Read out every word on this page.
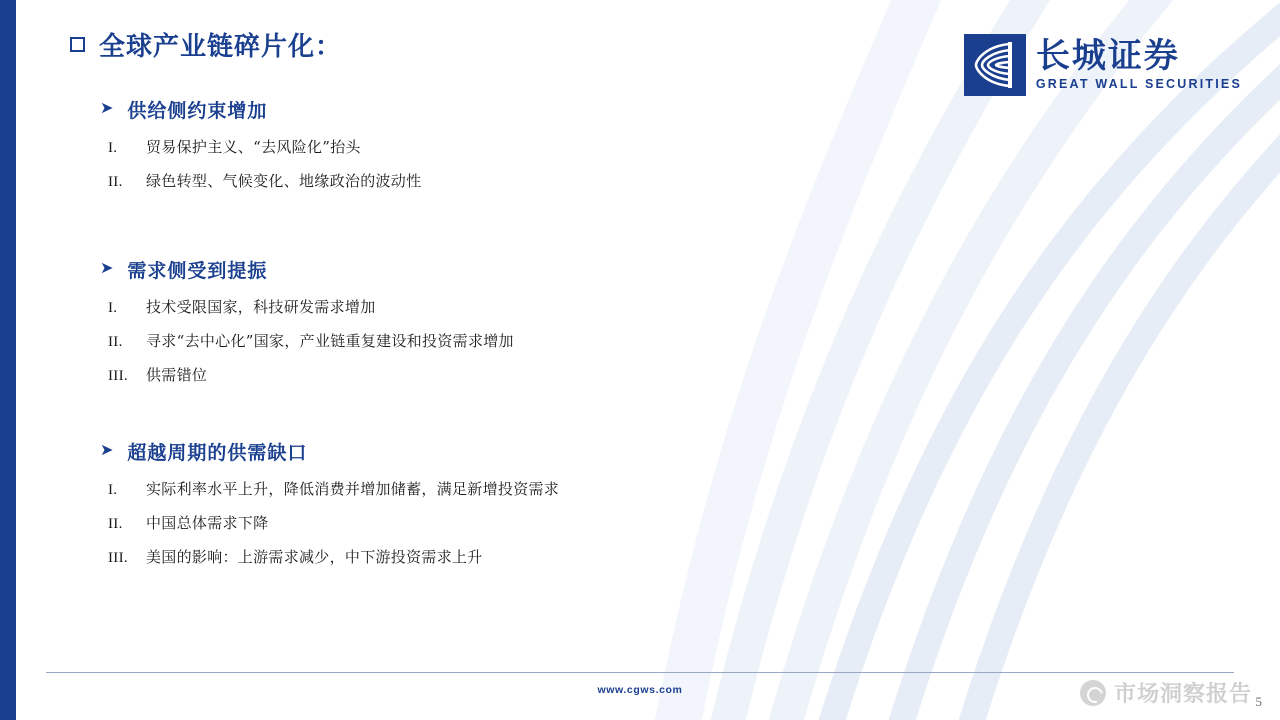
全球产业链碎片化：	长城证券
GREAT WALL SECURITIES
➤ 供给侧约束增加
I.	贸易保护主义、“去风险化”抬头
II.	绿色转型、气候变化、地缘政治的波动性
➤ 需求侧受到提振
I.	技术受限国家，科技研发需求增加
II.	寻求“去中心化”国家，产业链重复建设和投资需求增加
III.	供需错位
➤ 超越周期的供需缺口
I.	实际利率水平上升，降低消费并增加储蓄，满足新增投资需求
II.	中国总体需求下降
III.	美国的影响：上游需求减少，中下游投资需求上升
www.cgws.com
5
市场洞察报告
